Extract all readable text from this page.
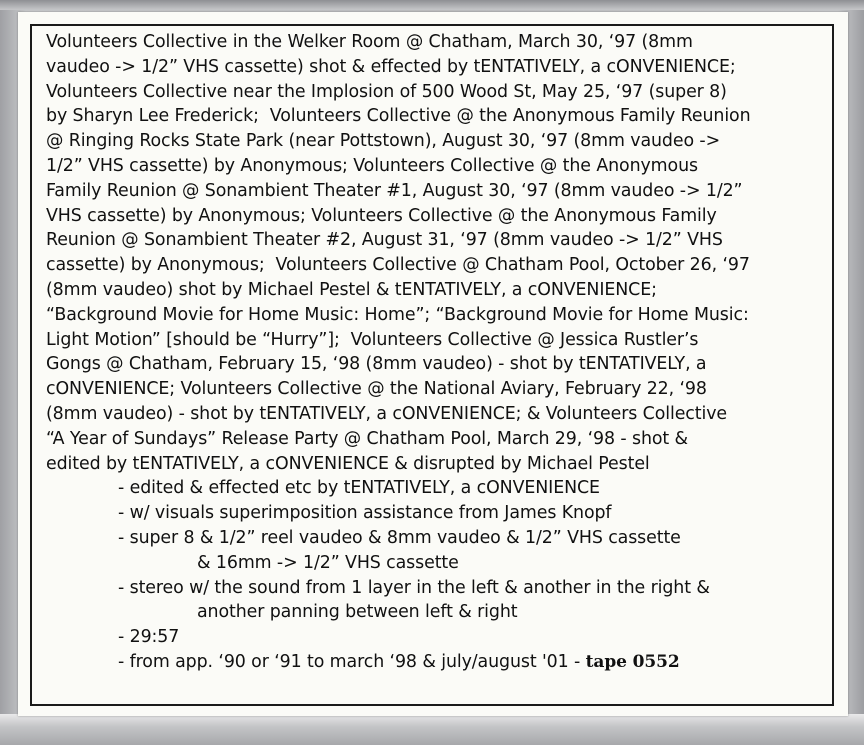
Volunteers Collective in the Welker Room @ Chatham, March 30, ‘97 (8mm
vaudeo -> 1/2” VHS cassette) shot & effected by tENTATIVELY, a cONVENIENCE;
Volunteers Collective near the Implosion of 500 Wood St, May 25, ‘97 (super 8)
by Sharyn Lee Frederick;  Volunteers Collective @ the Anonymous Family Reunion
@ Ringing Rocks State Park (near Pottstown), August 30, ‘97 (8mm vaudeo ->
1/2” VHS cassette) by Anonymous; Volunteers Collective @ the Anonymous
Family Reunion @ Sonambient Theater #1, August 30, ‘97 (8mm vaudeo -> 1/2”
VHS cassette) by Anonymous; Volunteers Collective @ the Anonymous Family
Reunion @ Sonambient Theater #2, August 31, ‘97 (8mm vaudeo -> 1/2” VHS
cassette) by Anonymous;  Volunteers Collective @ Chatham Pool, October 26, ‘97
(8mm vaudeo) shot by Michael Pestel & tENTATIVELY, a cONVENIENCE;
“Background Movie for Home Music: Home”; “Background Movie for Home Music:
Light Motion” [should be “Hurry”];  Volunteers Collective @ Jessica Rustler’s
Gongs @ Chatham, February 15, ‘98 (8mm vaudeo) - shot by tENTATIVELY, a
cONVENIENCE; Volunteers Collective @ the National Aviary, February 22, ‘98
(8mm vaudeo) - shot by tENTATIVELY, a cONVENIENCE; & Volunteers Collective
“A Year of Sundays” Release Party @ Chatham Pool, March 29, ‘98 - shot &
edited by tENTATIVELY, a cONVENIENCE & disrupted by Michael Pestel
- edited & effected etc by tENTATIVELY, a cONVENIENCE
- w/ visuals superimposition assistance from James Knopf
- super 8 & 1/2” reel vaudeo & 8mm vaudeo & 1/2” VHS cassette
& 16mm -> 1/2” VHS cassette
- stereo w/ the sound from 1 layer in the left & another in the right &
another panning between left & right
- 29:57
- from app. ‘90 or ‘91 to march ‘98 & july/august '01 - tape 0552
